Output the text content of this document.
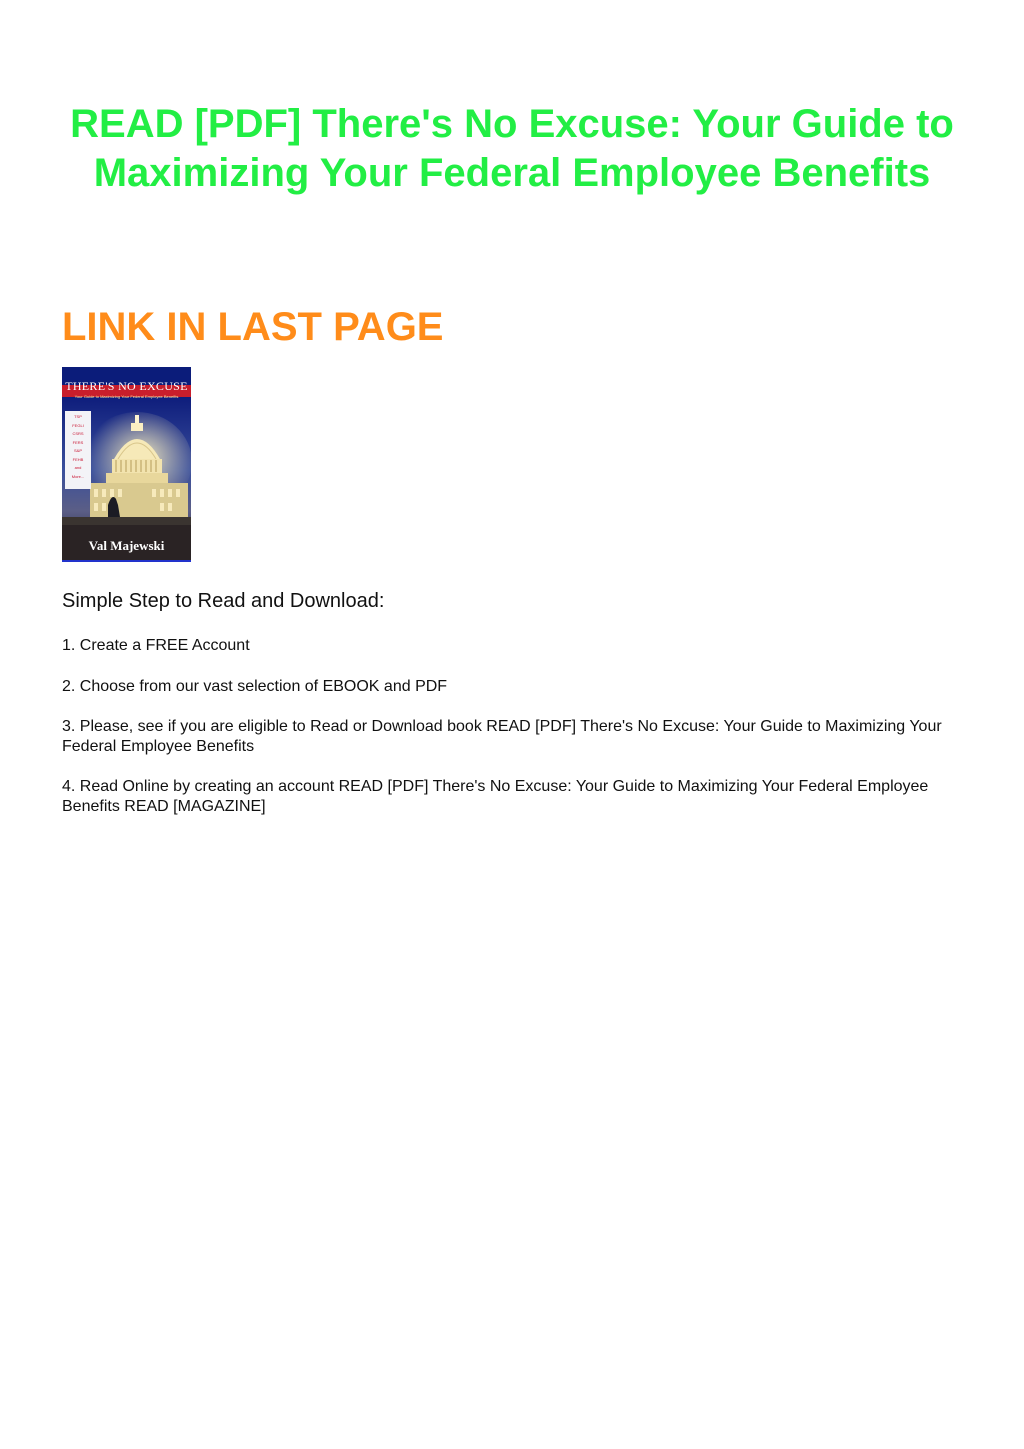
READ [PDF] There's No Excuse: Your Guide to Maximizing Your Federal Employee Benefits
LINK IN LAST PAGE
THERE'S NO EXCUSE
Your Guide to Maximizing Your Federal Employee Benefits
TSP
FEGLI
CSRS
FERS
S&P
FEHB
and
More...
Val Majewski
Simple Step to Read and Download:

1. Create a FREE Account

2. Choose from our vast selection of EBOOK and PDF

3. Please, see if you are eligible to Read or Download book READ [PDF] There's No Excuse: Your Guide to Maximizing Your Federal Employee Benefits

4. Read Online by creating an account READ [PDF] There's No Excuse: Your Guide to Maximizing Your Federal Employee Benefits READ [MAGAZINE]
